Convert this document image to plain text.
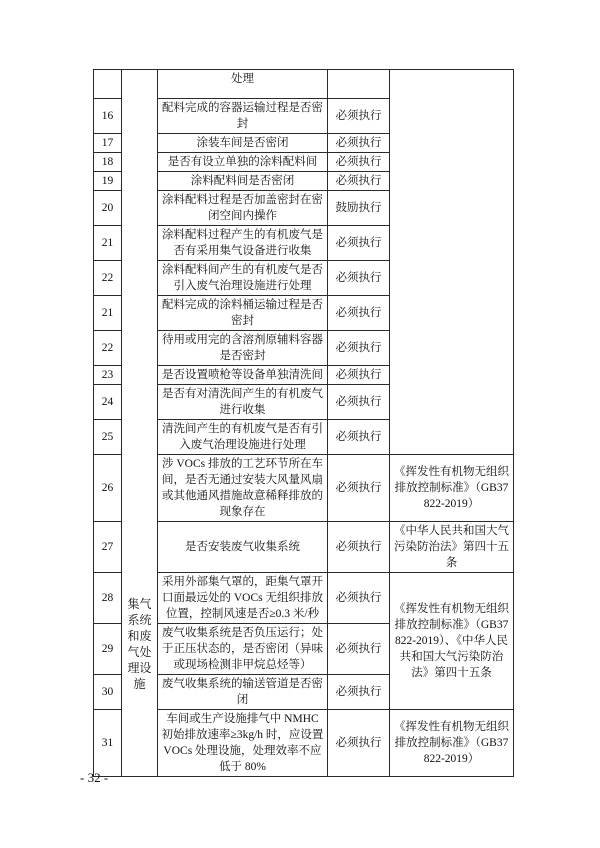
	集气系统和废气处理设施	处理		
16		配料完成的容器运输过程是否密封	必须执行	
17		涂装车间是否密闭	必须执行	
18		是否有设立单独的涂料配料间	必须执行	
19		涂料配料间是否密闭	必须执行	
20		涂料配料过程是否加盖密封在密闭空间内操作	鼓励执行	
21		涂料配料过程产生的有机废气是否有采用集气设备进行收集	必须执行	
22		涂料配料间产生的有机废气是否引入废气治理设施进行处理	必须执行	
21		配料完成的涂料桶运输过程是否密封	必须执行	
22		待用或用完的含溶剂原辅料容器是否密封	必须执行	
23		是否设置喷枪等设备单独清洗间	必须执行	
24		是否有对清洗间产生的有机废气进行收集	必须执行	
25		清洗间产生的有机废气是否有引入废气治理设施进行处理	必须执行	
26		涉 VOCs 排放的工艺环节所在车间，是否无通过安装大风量风扇或其他通风措施故意稀释排放的现象存在	必须执行	《挥发性有机物无组织排放控制标准》（GB37822-2019）
27		是否安装废气收集系统	必须执行	《中华人民共和国大气污染防治法》第四十五条
28		采用外部集气罩的，距集气罩开口面最远处的 VOCs 无组织排放位置，控制风速是否≥0.3 米/秒	必须执行	《挥发性有机物无组织排放控制标准》（GB37822-2019）、《中华人民共和国大气污染防治法》第四十五条
29		废气收集系统是否负压运行；处于正压状态的，是否密闭（异味或现场检测非甲烷总烃等）	必须执行	
30		废气收集系统的输送管道是否密闭	必须执行	
31		车间或生产设施排气中 NMHC 初始排放速率≥3kg/h 时，应设置 VOCs 处理设施，处理效率不应低于 80%	必须执行	《挥发性有机物无组织排放控制标准》（GB37822-2019）
- 32 -
